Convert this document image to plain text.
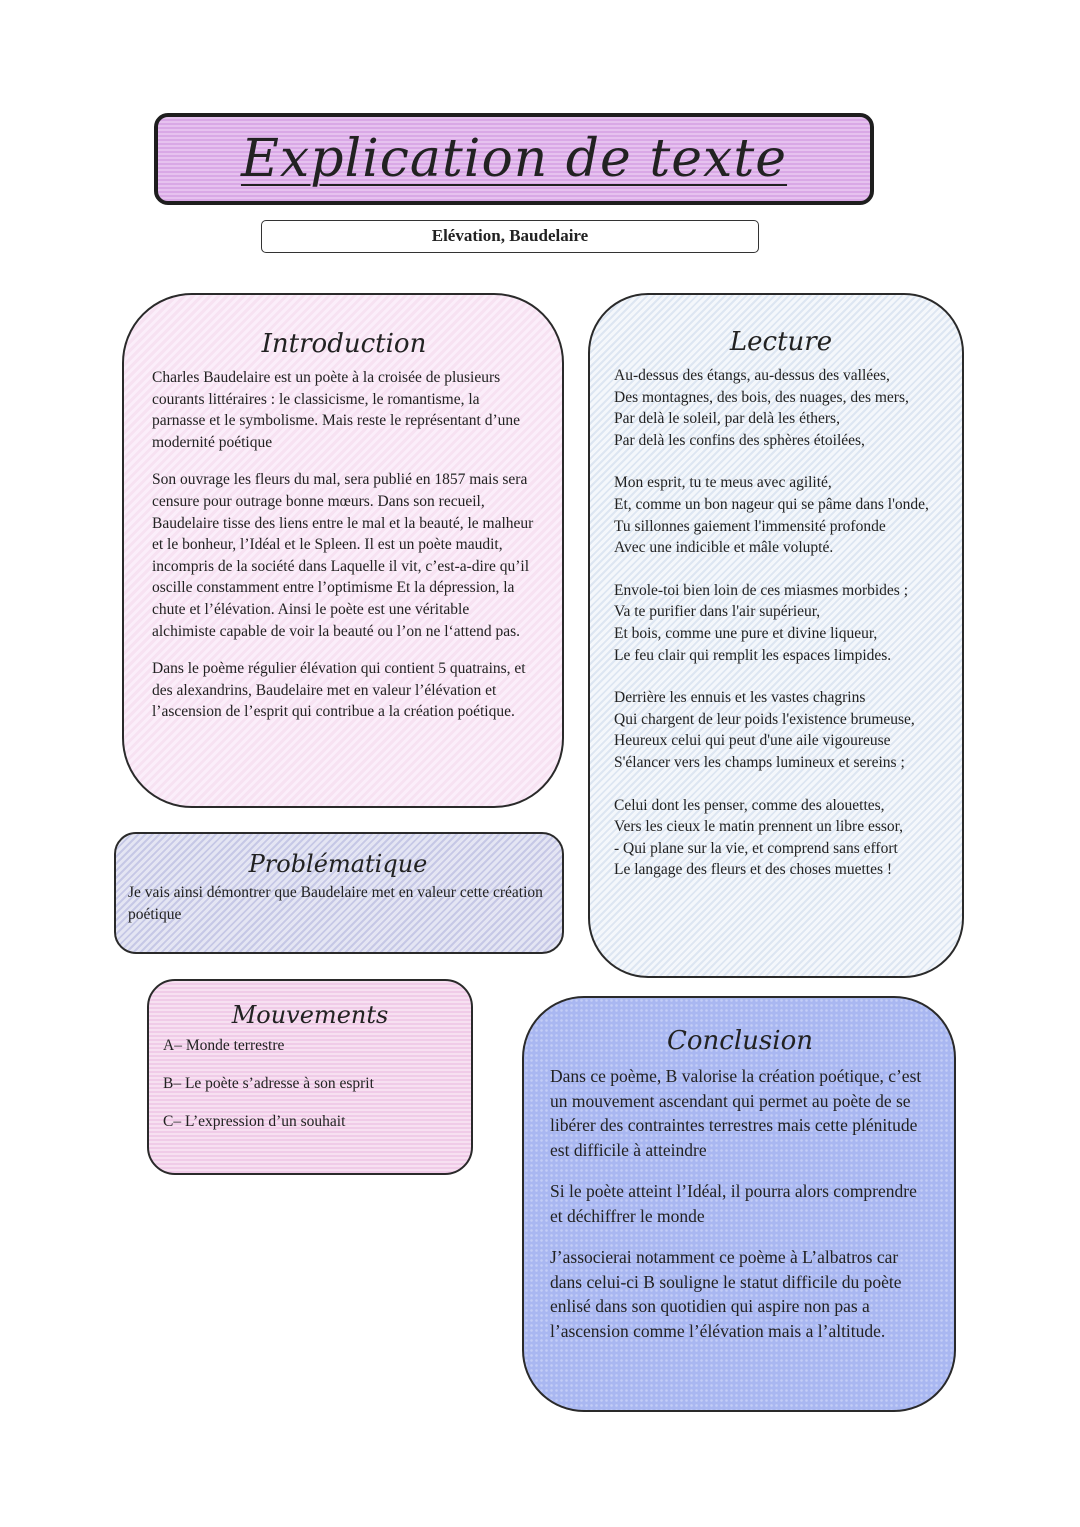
Explication de texte
Elévation, Baudelaire
Introduction

Charles Baudelaire est un poète à la croisée de plusieurs courants littéraires : le classicisme, le romantisme, la parnasse et le symbolisme. Mais reste le représentant d’une modernité poétique

Son ouvrage les fleurs du mal, sera publié en 1857 mais sera censure pour outrage bonne mœurs. Dans son recueil, Baudelaire tisse des liens entre le mal et la beauté, le malheur et le bonheur, l’Idéal et le Spleen. Il est un poète maudit, incompris de la société dans Laquelle il vit, c’est-a-dire qu’il oscille constamment entre l’optimisme Et la dépression, la chute et l’élévation. Ainsi le poète est une véritable alchimiste capable de voir la beauté ou l’on ne l‘attend pas.

Dans le poème régulier élévation qui contient 5 quatrains, et des alexandrins, Baudelaire met en valeur l’élévation et l’ascension de l’esprit qui contribue a la création poétique.

Lecture
Au-dessus des étangs, au-dessus des vallées,
Des montagnes, des bois, des nuages, des mers,
Par delà le soleil, par delà les éthers,
Par delà les confins des sphères étoilées,
Mon esprit, tu te meus avec agilité,
Et, comme un bon nageur qui se pâme dans l'onde,
Tu sillonnes gaiement l'immensité profonde
Avec une indicible et mâle volupté.
Envole-toi bien loin de ces miasmes morbides ;
Va te purifier dans l'air supérieur,
Et bois, comme une pure et divine liqueur,
Le feu clair qui remplit les espaces limpides.
Derrière les ennuis et les vastes chagrins
Qui chargent de leur poids l'existence brumeuse,
Heureux celui qui peut d'une aile vigoureuse
S'élancer vers les champs lumineux et sereins ;
Celui dont les penser, comme des alouettes,
Vers les cieux le matin prennent un libre essor,
- Qui plane sur la vie, et comprend sans effort
Le langage des fleurs et des choses muettes !
Problématique

Je vais ainsi démontrer que Baudelaire met en valeur cette création poétique

Mouvements

A– Monde terrestre

B– Le poète s’adresse à son esprit

C– L’expression d’un souhait

Conclusion

Dans ce poème, B valorise la création poétique, c’est un mouvement ascendant qui permet au poète de se libérer des contraintes terrestres mais cette plénitude est difficile à atteindre

Si le poète atteint l’Idéal, il pourra alors comprendre et déchiffrer le monde

J’associerai notamment ce poème à L’albatros car dans celui-ci B souligne le statut difficile du poète enlisé dans son quotidien qui aspire non pas a l’ascension comme l’élévation mais a l’altitude.
